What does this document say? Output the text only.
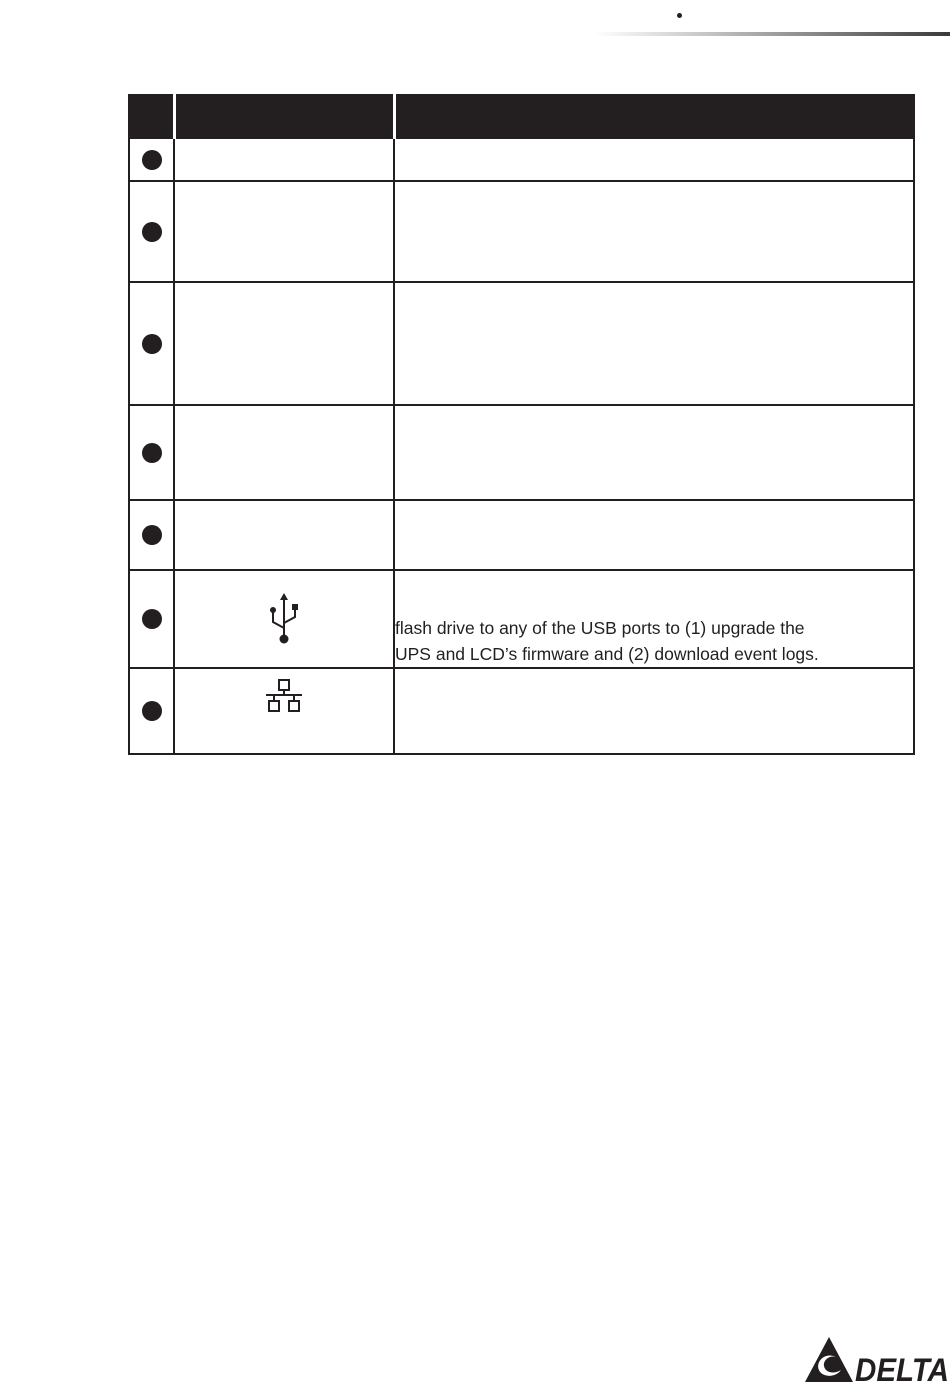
flash drive to any of the USB ports to (1) upgrade the
UPS and LCD’s firmware and (2) download event logs.

DELTA
